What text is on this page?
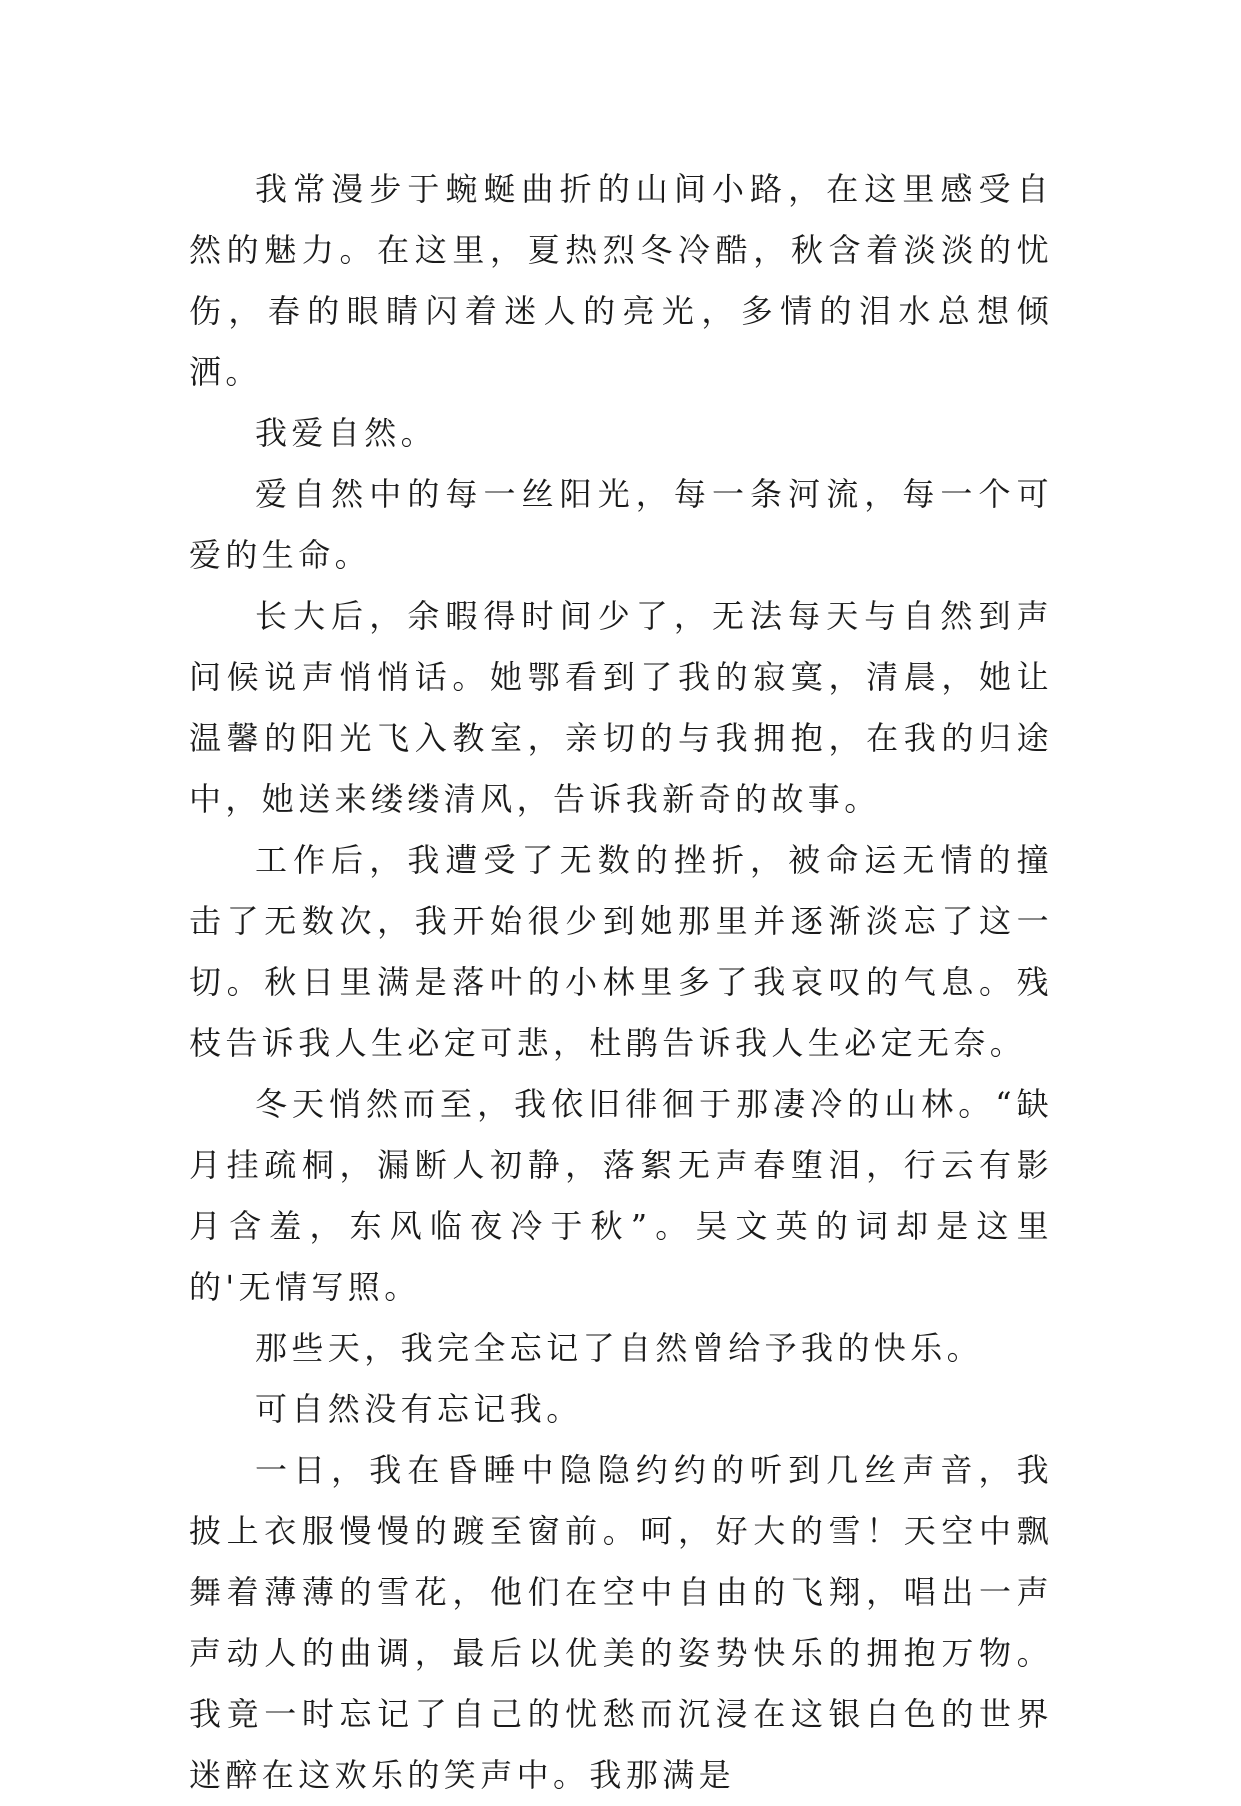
我常漫步于蜿蜒曲折的山间小路，在这里感受自然的魅力。在这里，夏热烈冬冷酷，秋含着淡淡的忧伤，春的眼睛闪着迷人的亮光，多情的泪水总想倾洒。

我爱自然。

爱自然中的每一丝阳光，每一条河流，每一个可爱的生命。

长大后，余暇得时间少了，无法每天与自然到声问候说声悄悄话。她鄂看到了我的寂寞，清晨，她让温馨的阳光飞入教室，亲切的与我拥抱，在我的归途中，她送来缕缕清风，告诉我新奇的故事。

工作后，我遭受了无数的挫折，被命运无情的撞击了无数次，我开始很少到她那里并逐渐淡忘了这一切。秋日里满是落叶的小林里多了我哀叹的气息。残枝告诉我人生必定可悲，杜鹃告诉我人生必定无奈。

冬天悄然而至，我依旧徘徊于那凄冷的山林。“缺月挂疏桐，漏断人初静，落絮无声春堕泪，行云有影月含羞，东风临夜冷于秋”。吴文英的词却是这里的'无情写照。

那些天，我完全忘记了自然曾给予我的快乐。

可自然没有忘记我。

一日，我在昏睡中隐隐约约的听到几丝声音，我披上衣服慢慢的踱至窗前。呵，好大的雪！天空中飘舞着薄薄的雪花，他们在空中自由的飞翔，唱出一声声动人的曲调，最后以优美的姿势快乐的拥抱万物。我竟一时忘记了自己的忧愁而沉浸在这银白色的世界迷醉在这欢乐的笑声中。我那满是
